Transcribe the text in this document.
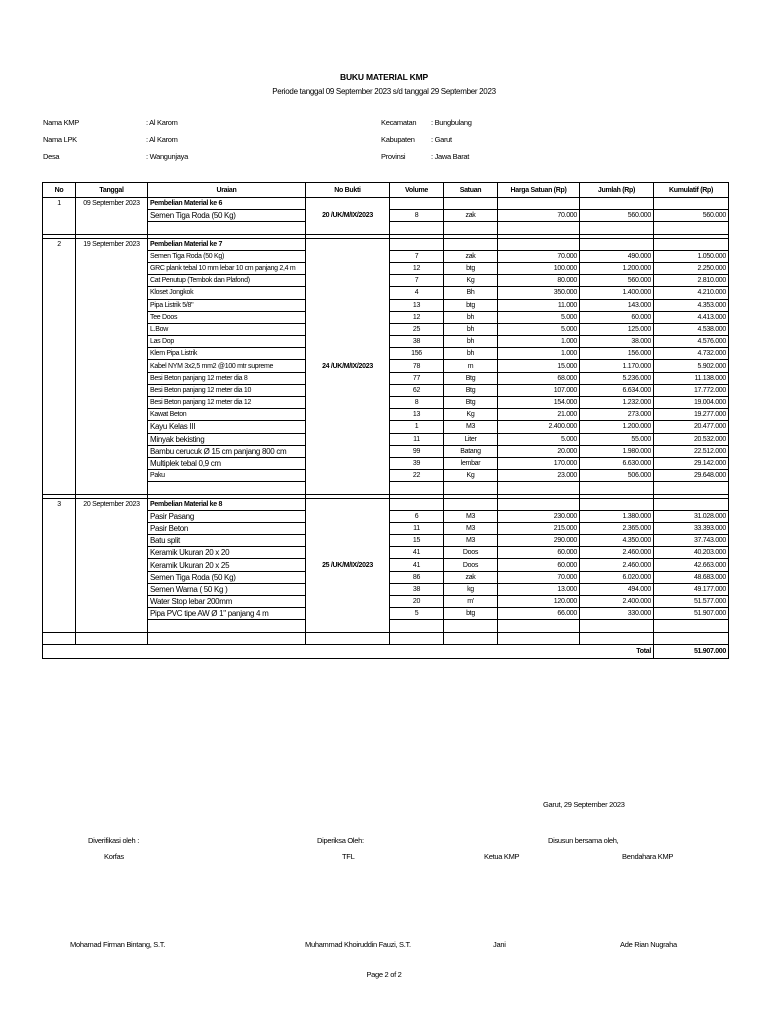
BUKU MATERIAL KMP
Periode tanggal 09 September 2023 s/d tanggal 29 September 2023
Nama KMP	: Al Karom
Nama LPK	: Al Karom
Desa	: Wangunjaya
Kecamatan : Bungbulang
Kabupaten : Garut
Provinsi	: Jawa Barat
No	Tanggal	Uraian	No Bukti	Volume	Satuan	Harga Satuan (Rp)	Jumlah (Rp)	Kumulatif (Rp)
1	09 September 2023	Pembelian Material ke 6	20 /UK/M/IX/2023					
		Semen Tiga Roda (50 Kg)		8	zak	70.000	560.000	560.000

2	19 September 2023	Pembelian Material ke 7	24 /UK/M/IX/2023					
		Semen Tiga Roda (50 Kg)		7	zak	70.000	490.000	1.050.000
		GRC plank tebal 10 mm lebar 10 cm panjang 2,4 m		12	btg	100.000	1.200.000	2.250.000
		Cat Penutup (Tembok dan Plafond)		7	Kg	80.000	560.000	2.810.000
		Kloset Jongkok		4	Bh	350.000	1.400.000	4.210.000
		Pipa Listrik 5/8"		13	btg	11.000	143.000	4.353.000
		Tee Doos		12	bh	5.000	60.000	4.413.000
		L.Bow		25	bh	5.000	125.000	4.538.000
		Las Dop		38	bh	1.000	38.000	4.576.000
		Klem Pipa Listrik		156	bh	1.000	156.000	4.732.000
		Kabel NYM 3x2,5 mm2 @100 mtr supreme		78	m	15.000	1.170.000	5.902.000
		Besi Beton panjang 12 meter dia 8		77	Btg	68.000	5.236.000	11.138.000
		Besi Beton panjang 12 meter dia 10		62	Btg	107.000	6.634.000	17.772.000
		Besi Beton panjang 12 meter dia 12		8	Btg	154.000	1.232.000	19.004.000
		Kawat Beton		13	Kg	21.000	273.000	19.277.000
		Kayu Kelas III		1	M3	2.400.000	1.200.000	20.477.000
		Minyak bekisting		11	Liter	5.000	55.000	20.532.000
		Bambu cerucuk Ø 15 cm panjang 800 cm		99	Batang	20.000	1.980.000	22.512.000
		Multiplek tebal 0,9 cm		39	lembar	170.000	6.630.000	29.142.000
		Paku		22	Kg	23.000	506.000	29.648.000

3	20 September 2023	Pembelian Material ke 8	25 /UK/M/IX/2023					
		Pasir Pasang		6	M3	230.000	1.380.000	31.028.000
		Pasir Beton		11	M3	215.000	2.365.000	33.393.000
		Batu split		15	M3	290.000	4.350.000	37.743.000
		Keramik Ukuran 20 x 20		41	Doos	60.000	2.460.000	40.203.000
		Keramik Ukuran 20 x 25		41	Doos	60.000	2.460.000	42.663.000
		Semen Tiga Roda (50 Kg)		86	zak	70.000	6.020.000	48.683.000
		Semen Warna ( 50 Kg )		38	kg	13.000	494.000	49.177.000
		Water Stop lebar 200mm		20	m'	120.000	2.400.000	51.577.000
		Pipa PVC tipe AW Ø 1" panjang 4 m		5	btg	66.000	330.000	51.907.000

Total								51.907.000
Garut, 29 September 2023
Diverifikasi oleh :
Korfas
Mohamad Firman Bintang, S.T.
Diperiksa Oleh:
TFL
Muhammad Khoiruddin Fauzi, S.T.
Disusun bersama oleh,
Ketua KMP
Jani
Bendahara KMP
Ade Rian Nugraha
Page 2 of 2
